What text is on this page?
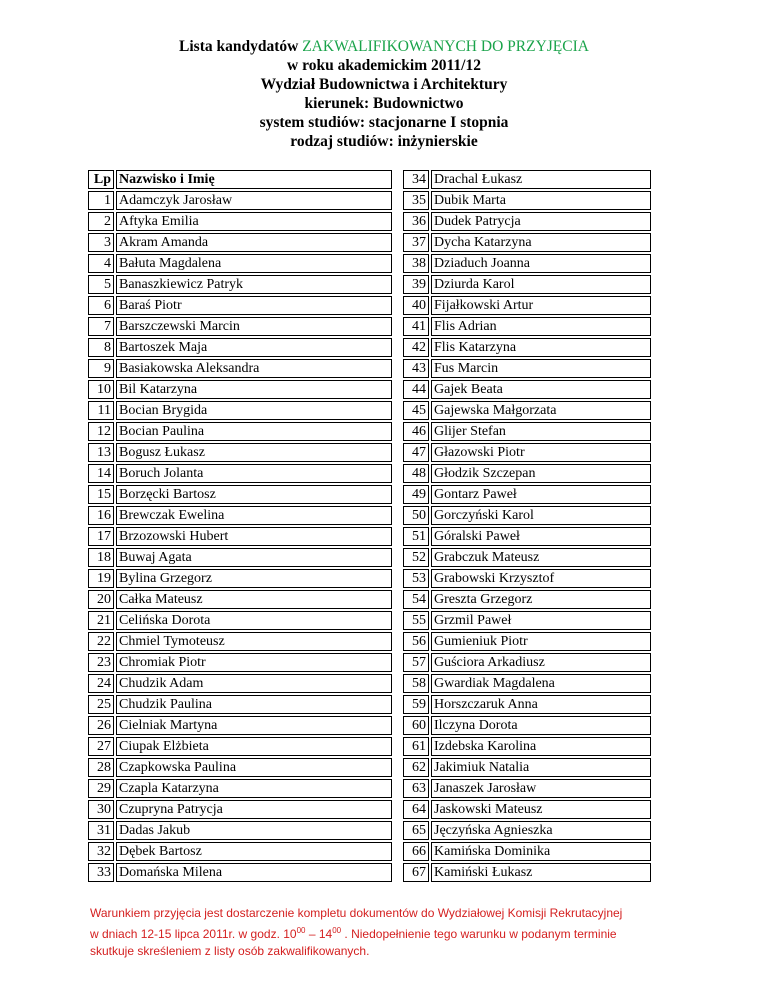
Lista kandydatów ZAKWALIFIKOWANYCH DO PRZYJĘCIA
w roku akademickim 2011/12
Wydział Budownictwa i Architektury
kierunek: Budownictwo
system studiów: stacjonarne I stopnia
rodzaj studiów: inżynierskie
Lp	Nazwisko i Imię
1	Adamczyk Jarosław
2	Aftyka Emilia
3	Akram Amanda
4	Bałuta Magdalena
5	Banaszkiewicz Patryk
6	Baraś Piotr
7	Barszczewski Marcin
8	Bartoszek Maja
9	Basiakowska Aleksandra
10	Bil Katarzyna
11	Bocian Brygida
12	Bocian Paulina
13	Bogusz Łukasz
14	Boruch Jolanta
15	Borzęcki Bartosz
16	Brewczak Ewelina
17	Brzozowski Hubert
18	Buwaj Agata
19	Bylina Grzegorz
20	Całka Mateusz
21	Celińska Dorota
22	Chmiel Tymoteusz
23	Chromiak Piotr
24	Chudzik Adam
25	Chudzik Paulina
26	Cielniak Martyna
27	Ciupak Elżbieta
28	Czapkowska Paulina
29	Czapla Katarzyna
30	Czupryna Patrycja
31	Dadas Jakub
32	Dębek Bartosz
33	Domańska Milena
34	Drachal Łukasz
35	Dubik Marta
36	Dudek Patrycja
37	Dycha Katarzyna
38	Dziaduch Joanna
39	Dziurda Karol
40	Fijałkowski Artur
41	Flis Adrian
42	Flis Katarzyna
43	Fus Marcin
44	Gajek Beata
45	Gajewska Małgorzata
46	Glijer Stefan
47	Głazowski Piotr
48	Głodzik Szczepan
49	Gontarz Paweł
50	Gorczyński Karol
51	Góralski Paweł
52	Grabczuk Mateusz
53	Grabowski Krzysztof
54	Greszta Grzegorz
55	Grzmil Paweł
56	Gumieniuk Piotr
57	Guściora Arkadiusz
58	Gwardiak Magdalena
59	Horszczaruk Anna
60	Ilczyna Dorota
61	Izdebska Karolina
62	Jakimiuk Natalia
63	Janaszek Jarosław
64	Jaskowski Mateusz
65	Jęczyńska Agnieszka
66	Kamińska Dominika
67	Kamiński Łukasz
Warunkiem przyjęcia jest dostarczenie kompletu dokumentów do Wydziałowej Komisji Rekrutacyjnej
w dniach 12-15 lipca 2011r. w godz. $10^{00} - 14^{00}$ . Niedopełnienie tego warunku w podanym terminie
skutkuje skreśleniem z listy osób zakwalifikowanych.
